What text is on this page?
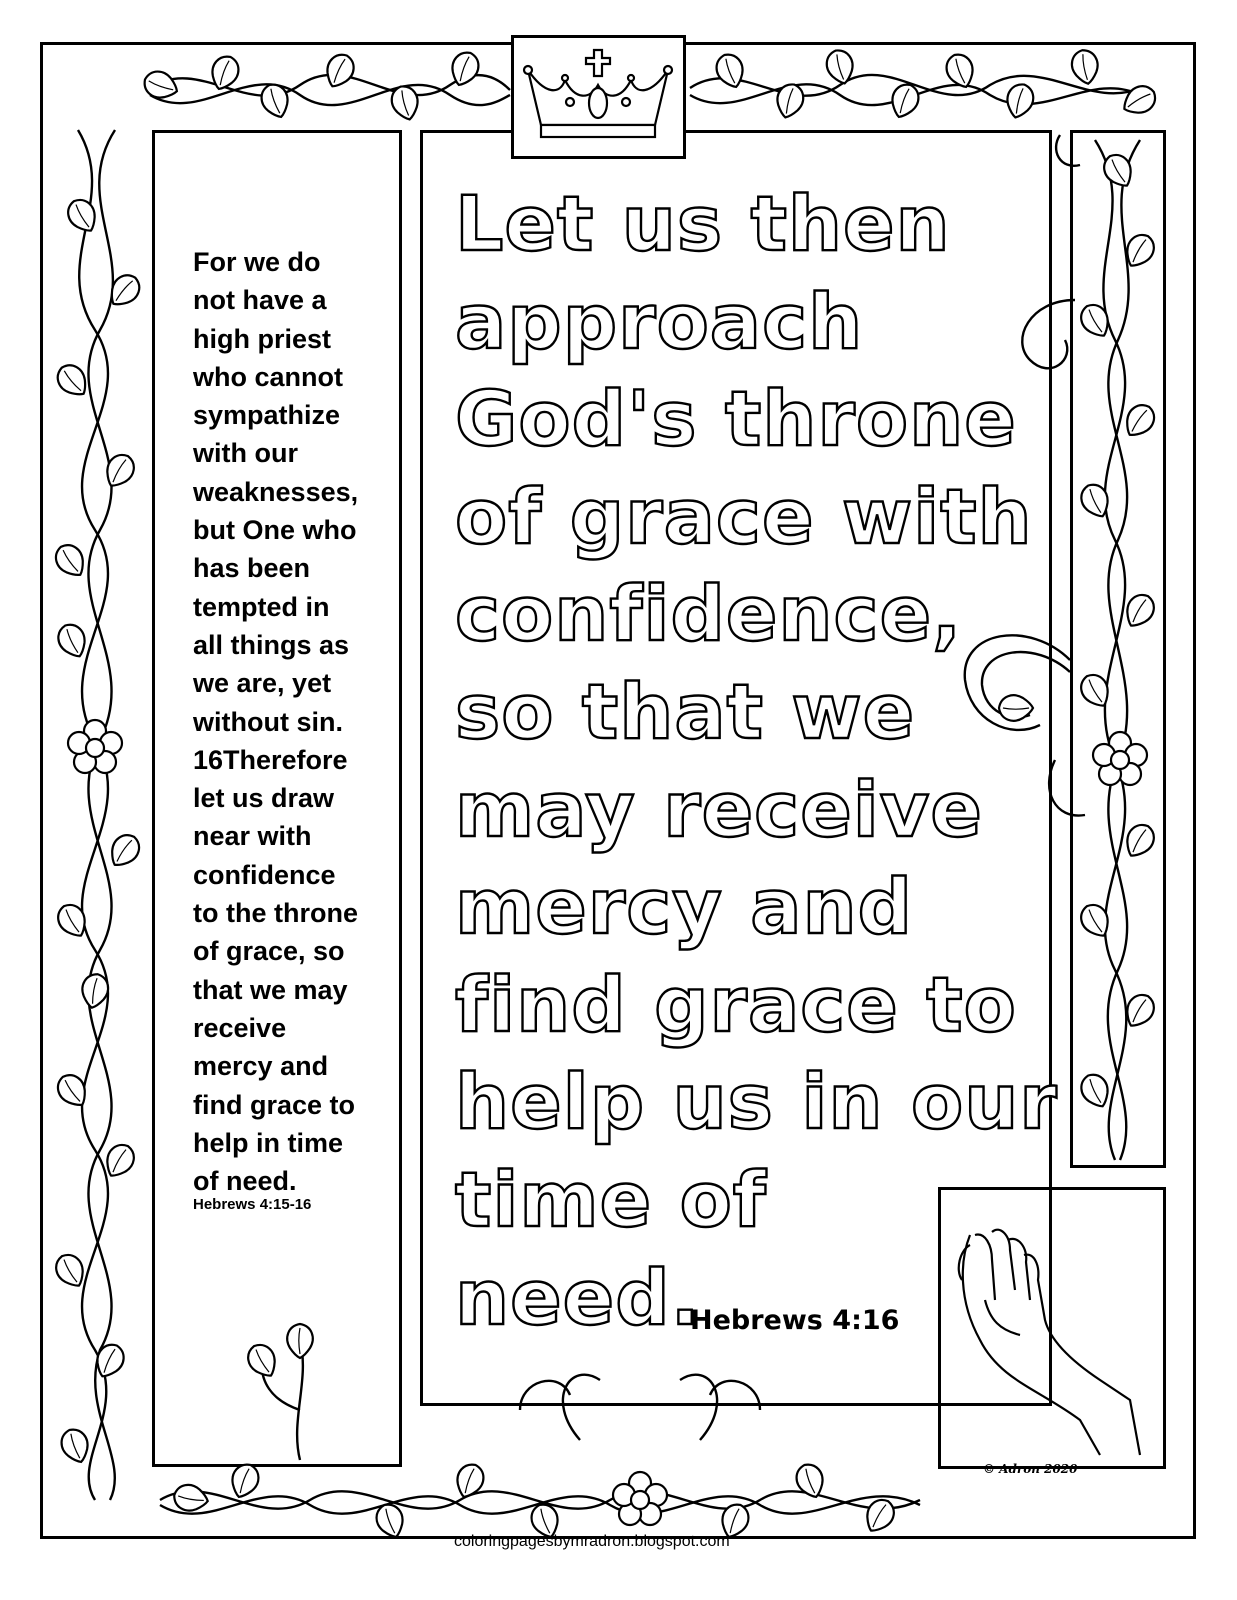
For we do
not have a
high priest
who cannot
sympathize
with our
weaknesses,
but One who
has been
tempted in
all things as
we are, yet
without sin.
16Therefore
let us draw
near with
confidence
to the throne
of grace, so
that we may
receive
mercy and
find grace to
help in time
of need.
Hebrews 4:15-16
Let us then
approach
God's throne
of grace with
confidence,
so that we
may receive
mercy and
find grace to
help us in our
time of
need.
Hebrews 4:16
© Adron 2020
coloringpagesbymradron.blogspot.com
